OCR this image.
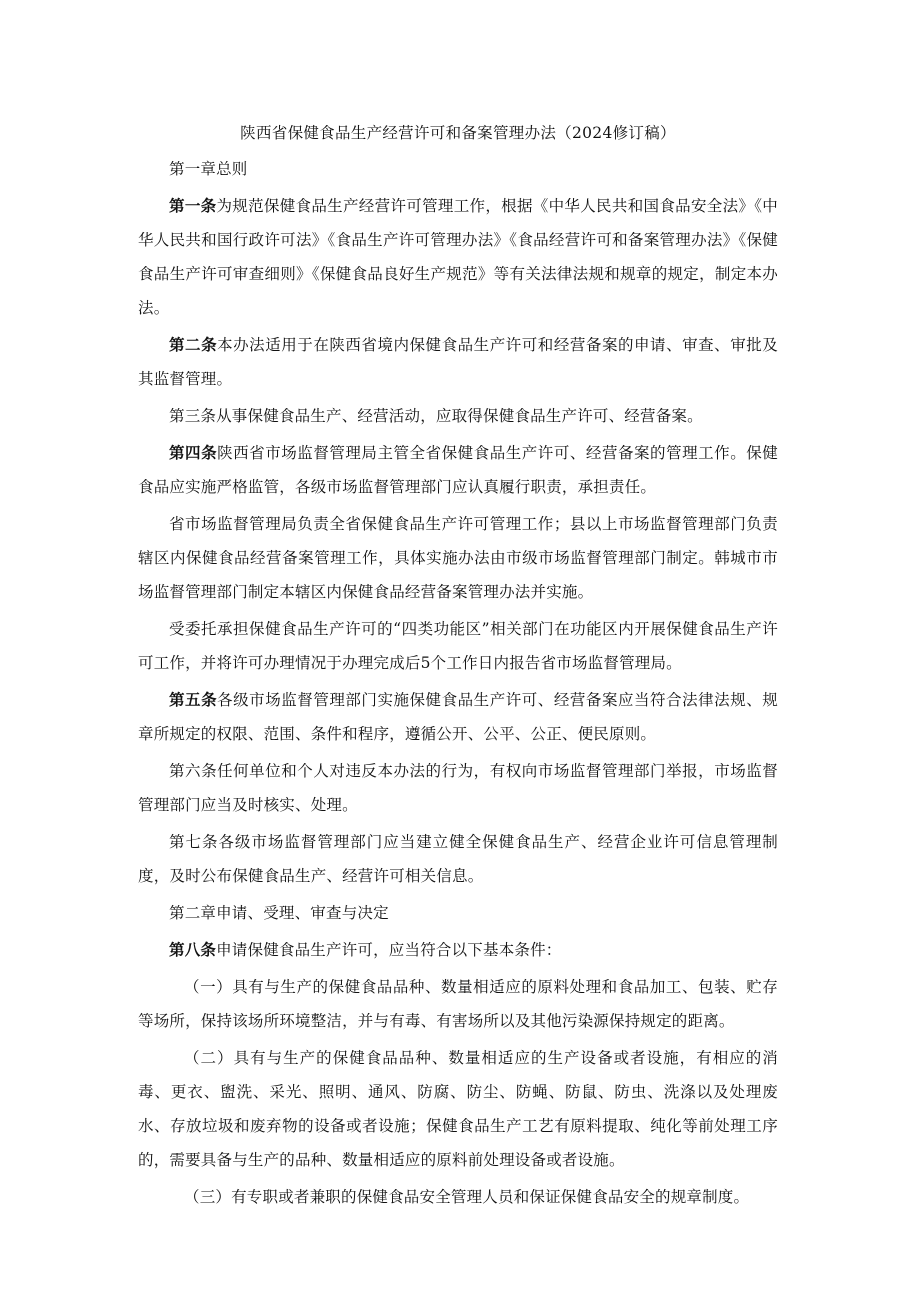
陕西省保健食品生产经营许可和备案管理办法（2024修订稿）

第一章总则

第一条为规范保健食品生产经营许可管理工作，根据《中华人民共和国食品安全法》《中华人民共和国行政许可法》《食品生产许可管理办法》《食品经营许可和备案管理办法》《保健食品生产许可审查细则》《保健食品良好生产规范》等有关法律法规和规章的规定，制定本办法。

第二条本办法适用于在陕西省境内保健食品生产许可和经营备案的申请、审查、审批及其监督管理。

第三条从事保健食品生产、经营活动，应取得保健食品生产许可、经营备案。

第四条陕西省市场监督管理局主管全省保健食品生产许可、经营备案的管理工作。保健食品应实施严格监管，各级市场监督管理部门应认真履行职责，承担责任。

省市场监督管理局负责全省保健食品生产许可管理工作；县以上市场监督管理部门负责辖区内保健食品经营备案管理工作，具体实施办法由市级市场监督管理部门制定。韩城市市场监督管理部门制定本辖区内保健食品经营备案管理办法并实施。

受委托承担保健食品生产许可的“四类功能区”相关部门在功能区内开展保健食品生产许可工作，并将许可办理情况于办理完成后5个工作日内报告省市场监督管理局。

第五条各级市场监督管理部门实施保健食品生产许可、经营备案应当符合法律法规、规章所规定的权限、范围、条件和程序，遵循公开、公平、公正、便民原则。

第六条任何单位和个人对违反本办法的行为，有权向市场监督管理部门举报，市场监督管理部门应当及时核实、处理。

第七条各级市场监督管理部门应当建立健全保健食品生产、经营企业许可信息管理制度，及时公布保健食品生产、经营许可相关信息。

第二章申请、受理、审查与决定

第八条申请保健食品生产许可，应当符合以下基本条件：

（一）具有与生产的保健食品品种、数量相适应的原料处理和食品加工、包装、贮存等场所，保持该场所环境整洁，并与有毒、有害场所以及其他污染源保持规定的距离。

（二）具有与生产的保健食品品种、数量相适应的生产设备或者设施，有相应的消毒、更衣、盥洗、采光、照明、通风、防腐、防尘、防蝇、防鼠、防虫、洗涤以及处理废水、存放垃圾和废弃物的设备或者设施；保健食品生产工艺有原料提取、纯化等前处理工序的，需要具备与生产的品种、数量相适应的原料前处理设备或者设施。

（三）有专职或者兼职的保健食品安全管理人员和保证保健食品安全的规章制度。
